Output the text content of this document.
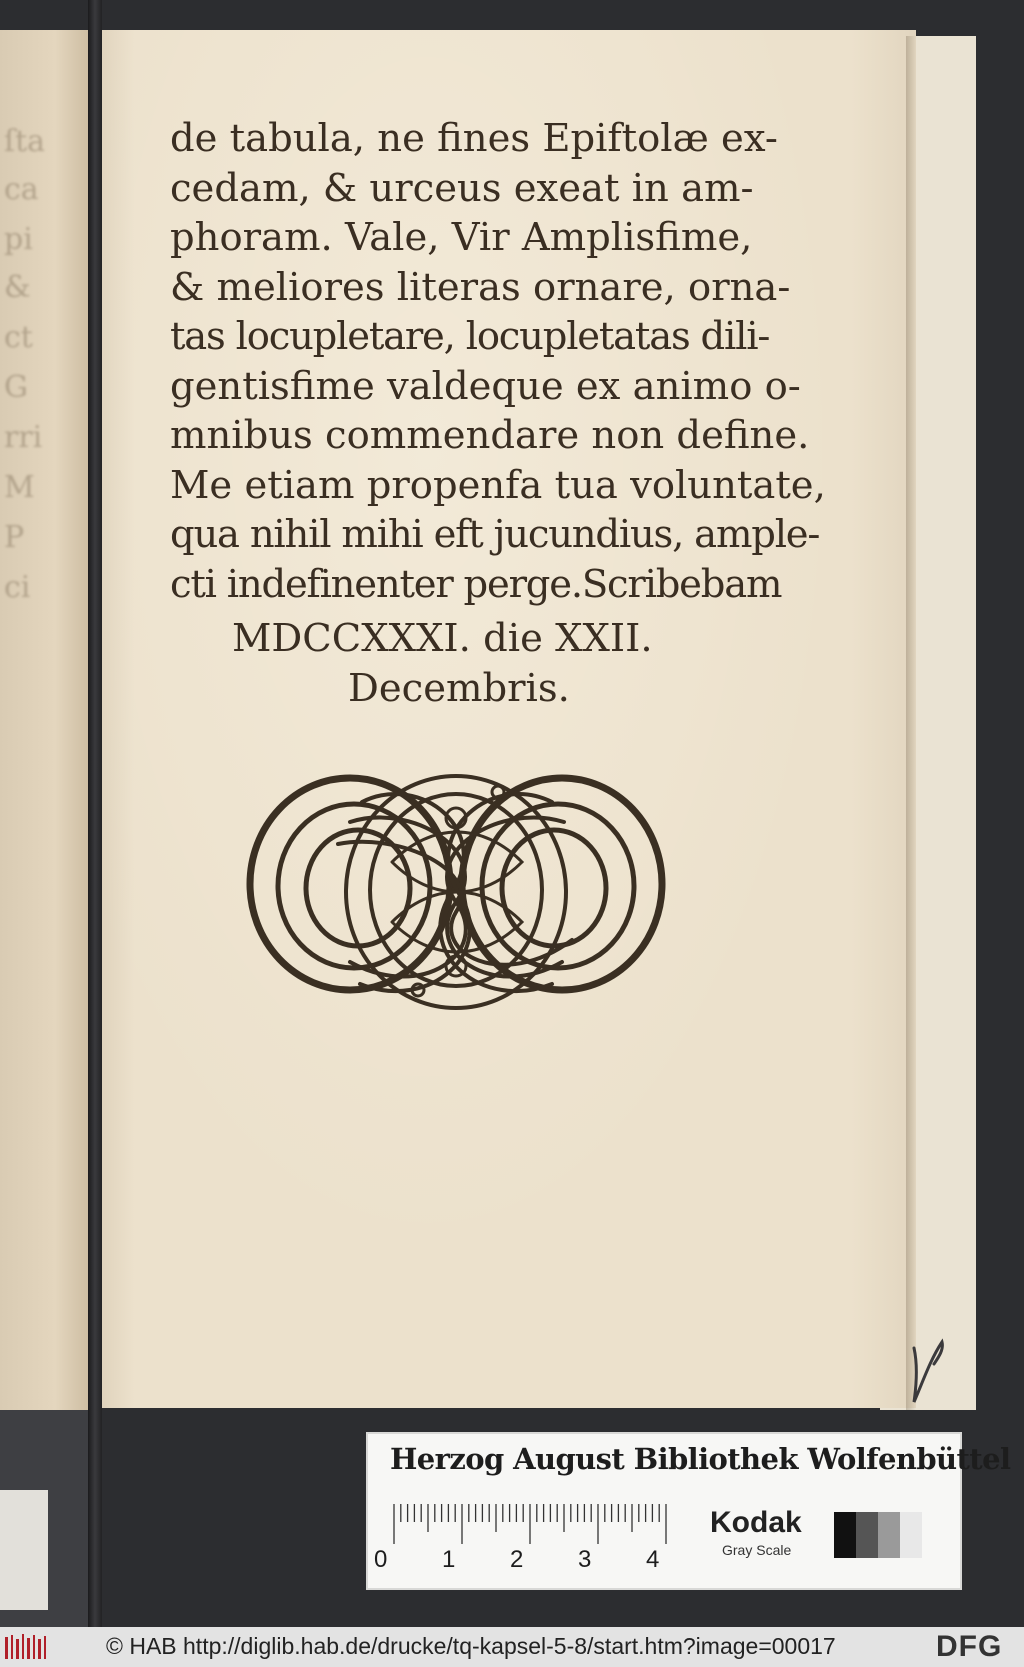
ſta
ca
pi
&
ct
G
rri
M
P
ci
de tabula, ne fines Epiftolæ ex-
cedam, & urceus exeat in am-
phoram. Vale, Vir Amplisfime,
& meliores literas ornare, orna-
tas locupletare, locupletatas dili-
gentisfime valdeque ex animo o-
mnibus commendare non define.
Me etiam propenfa tua voluntate,
qua nihil mihi eft jucundius, ample-
cti indefinenter perge.Scribebam
MDCCXXXI. die XXII.
Decembris.
Herzog August Bibliothek Wolfenbüttel
0 1 2 3 4
Kodak
Gray Scale
© HAB http://diglib.hab.de/drucke/tq-kapsel-5-8/start.htm?image=00017	DFG
